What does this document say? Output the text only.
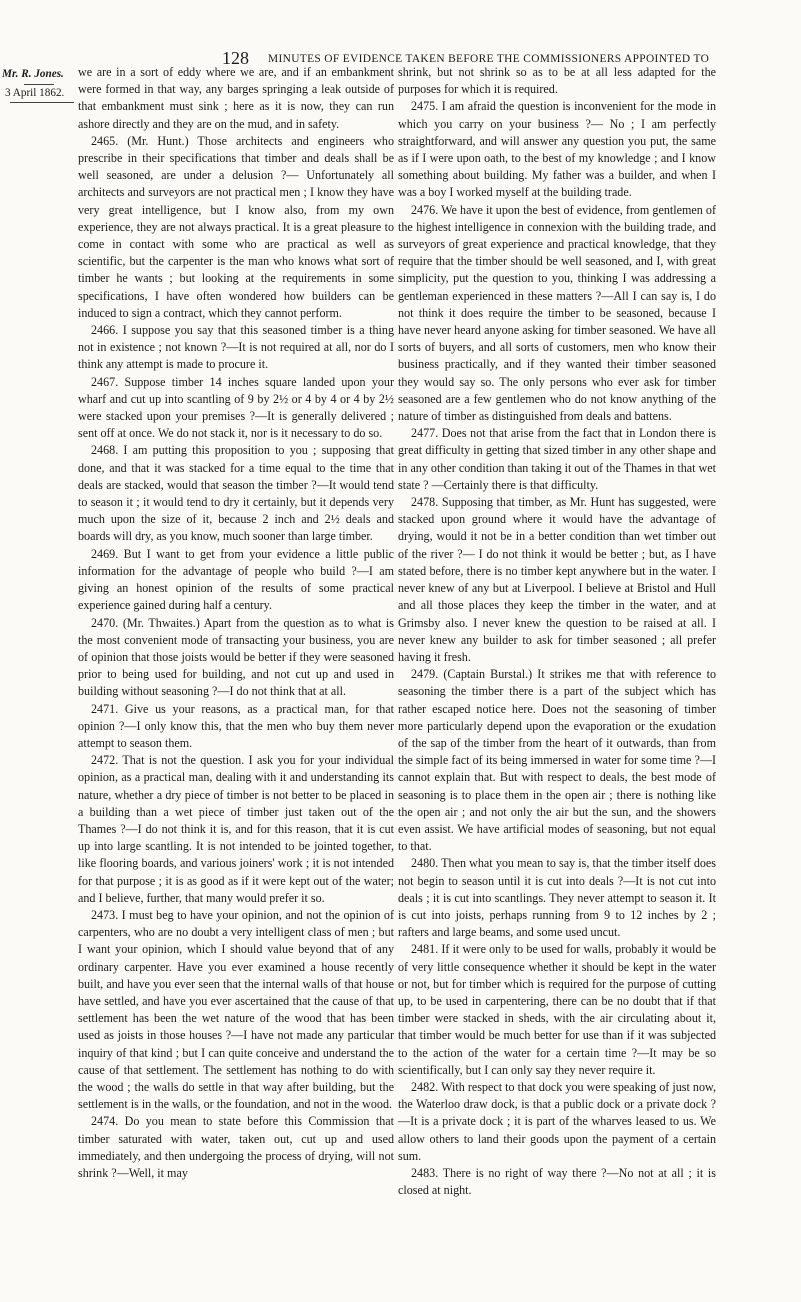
128 MINUTES OF EVIDENCE TAKEN BEFORE THE COMMISSIONERS APPOINTED TO
Mr. R. Jones.
3 April 1862.

we are in a sort of eddy where we are, and if an embankment were formed in that way, any barges springing a leak outside of that embankment must sink ; here as it is now, they can run ashore directly and they are on the mud, and in safety.

2465. (Mr. Hunt.) Those architects and engineers who prescribe in their specifications that timber and deals shall be well seasoned, are under a delusion ?— Unfortunately all architects and surveyors are not practical men ; I know they have very great intelligence, but I know also, from my own experience, they are not always practical. It is a great pleasure to come in contact with some who are practical as well as scientific, but the carpenter is the man who knows what sort of timber he wants ; but looking at the requirements in some specifications, I have often wondered how builders can be induced to sign a contract, which they cannot perform.

2466. I suppose you say that this seasoned timber is a thing not in existence ; not known ?—It is not required at all, nor do I think any attempt is made to procure it.

2467. Suppose timber 14 inches square landed upon your wharf and cut up into scantling of 9 by 2½ or 4 by 4 or 4 by 2½ were stacked upon your premises ?—It is generally delivered ; sent off at once. We do not stack it, nor is it necessary to do so.

2468. I am putting this proposition to you ; supposing that done, and that it was stacked for a time equal to the time that deals are stacked, would that season the timber ?—It would tend to season it ; it would tend to dry it certainly, but it depends very much upon the size of it, because 2 inch and 2½ deals and boards will dry, as you know, much sooner than large timber.

2469. But I want to get from your evidence a little public information for the advantage of people who build ?—I am giving an honest opinion of the results of some practical experience gained during half a century.

2470. (Mr. Thwaites.) Apart from the question as to what is the most convenient mode of transacting your business, you are of opinion that those joists would be better if they were seasoned prior to being used for building, and not cut up and used in building without seasoning ?—I do not think that at all.

2471. Give us your reasons, as a practical man, for that opinion ?—I only know this, that the men who buy them never attempt to season them.

2472. That is not the question. I ask you for your individual opinion, as a practical man, dealing with it and understanding its nature, whether a dry piece of timber is not better to be placed in a building than a wet piece of timber just taken out of the Thames ?—I do not think it is, and for this reason, that it is cut up into large scantling. It is not intended to be jointed together, like flooring boards, and various joiners' work ; it is not intended for that purpose ; it is as good as if it were kept out of the water; and I believe, further, that many would prefer it so.

2473. I must beg to have your opinion, and not the opinion of carpenters, who are no doubt a very intelligent class of men ; but I want your opinion, which I should value beyond that of any ordinary carpenter. Have you ever examined a house recently built, and have you ever seen that the internal walls of that house have settled, and have you ever ascertained that the cause of that settlement has been the wet nature of the wood that has been used as joists in those houses ?—I have not made any particular inquiry of that kind ; but I can quite conceive and understand the cause of that settlement. The settlement has nothing to do with the wood ; the walls do settle in that way after building, but the settlement is in the walls, or the foundation, and not in the wood.

2474. Do you mean to state before this Commission that timber saturated with water, taken out, cut up and used immediately, and then undergoing the process of drying, will not shrink ?—Well, it may

shrink, but not shrink so as to be at all less adapted for the purposes for which it is required.

2475. I am afraid the question is inconvenient for the mode in which you carry on your business ?— No ; I am perfectly straightforward, and will answer any question you put, the same as if I were upon oath, to the best of my knowledge ; and I know something about building. My father was a builder, and when I was a boy I worked myself at the building trade.

2476. We have it upon the best of evidence, from gentlemen of the highest intelligence in connexion with the building trade, and surveyors of great experience and practical knowledge, that they require that the timber should be well seasoned, and I, with great simplicity, put the question to you, thinking I was addressing a gentleman experienced in these matters ?—All I can say is, I do not think it does require the timber to be seasoned, because I have never heard anyone asking for timber seasoned. We have all sorts of buyers, and all sorts of customers, men who know their business practically, and if they wanted their timber seasoned they would say so. The only persons who ever ask for timber seasoned are a few gentlemen who do not know anything of the nature of timber as distinguished from deals and battens.

2477. Does not that arise from the fact that in London there is great difficulty in getting that sized timber in any other shape and in any other condition than taking it out of the Thames in that wet state ? —Certainly there is that difficulty.

2478. Supposing that timber, as Mr. Hunt has suggested, were stacked upon ground where it would have the advantage of drying, would it not be in a better condition than wet timber out of the river ?— I do not think it would be better ; but, as I have stated before, there is no timber kept anywhere but in the water. I never knew of any but at Liverpool. I believe at Bristol and Hull and all those places they keep the timber in the water, and at Grimsby also. I never knew the question to be raised at all. I never knew any builder to ask for timber seasoned ; all prefer having it fresh.

2479. (Captain Burstal.) It strikes me that with reference to seasoning the timber there is a part of the subject which has rather escaped notice here. Does not the seasoning of timber more particularly depend upon the evaporation or the exudation of the sap of the timber from the heart of it outwards, than from the simple fact of its being immersed in water for some time ?—I cannot explain that. But with respect to deals, the best mode of seasoning is to place them in the open air ; there is nothing like the open air ; and not only the air but the sun, and the showers even assist. We have artificial modes of seasoning, but not equal to that.

2480. Then what you mean to say is, that the timber itself does not begin to season until it is cut into deals ?—It is not cut into deals ; it is cut into scantlings. They never attempt to season it. It is cut into joists, perhaps running from 9 to 12 inches by 2 ; rafters and large beams, and some used uncut.

2481. If it were only to be used for walls, probably it would be of very little consequence whether it should be kept in the water or not, but for timber which is required for the purpose of cutting up, to be used in carpentering, there can be no doubt that if that timber were stacked in sheds, with the air circulating about it, that timber would be much better for use than if it was subjected to the action of the water for a certain time ?—It may be so scientifically, but I can only say they never require it.

2482. With respect to that dock you were speaking of just now, the Waterloo draw dock, is that a public dock or a private dock ?—It is a private dock ; it is part of the wharves leased to us. We allow others to land their goods upon the payment of a certain sum.

2483. There is no right of way there ?—No not at all ; it is closed at night.
